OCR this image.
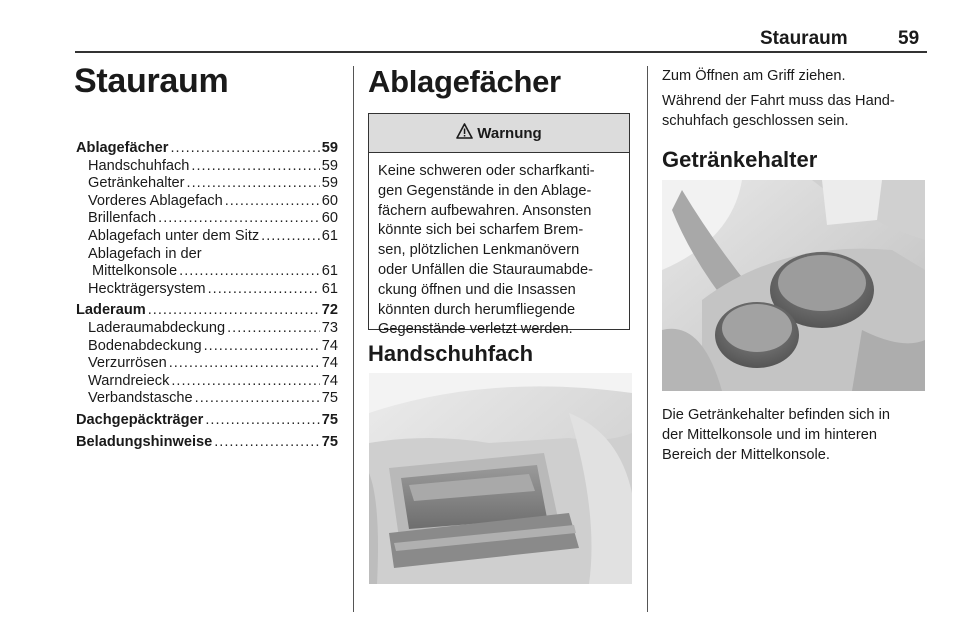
Stauraum	59
Stauraum
Ablagefächer .....	59
Handschuhfach .....	59
Getränkehalter .....	59
Vorderes Ablagefach .....	60
Brillenfach .....	60
Ablagefach unter dem Sitz .....	61
Ablagefach in der
Mittelkonsole .....	61
Heckträgersystem .....	61
Laderaum .....	72
Laderaumabdeckung .....	73
Bodenabdeckung .....	74
Verzurrösen .....	74
Warndreieck .....	74
Verbandstasche .....	75
Dachgepäckträger .....	75
Beladungshinweise .....	75
Ablagefächer
Warnung
Keine schweren oder scharfkanti-
gen Gegenstände in den Ablage-
fächern aufbewahren. Ansonsten
könnte sich bei scharfem Brem-
sen, plötzlichen Lenkmanövern
oder Unfällen die Stauraumabde-
ckung öffnen und die Insassen
könnten durch herumfliegende
Gegenstände verletzt werden.
Handschuhfach
Zum Öffnen am Griff ziehen.
Während der Fahrt muss das Hand-
schuhfach geschlossen sein.
Getränkehalter
Die Getränkehalter befinden sich in
der Mittelkonsole und im hinteren
Bereich der Mittelkonsole.
